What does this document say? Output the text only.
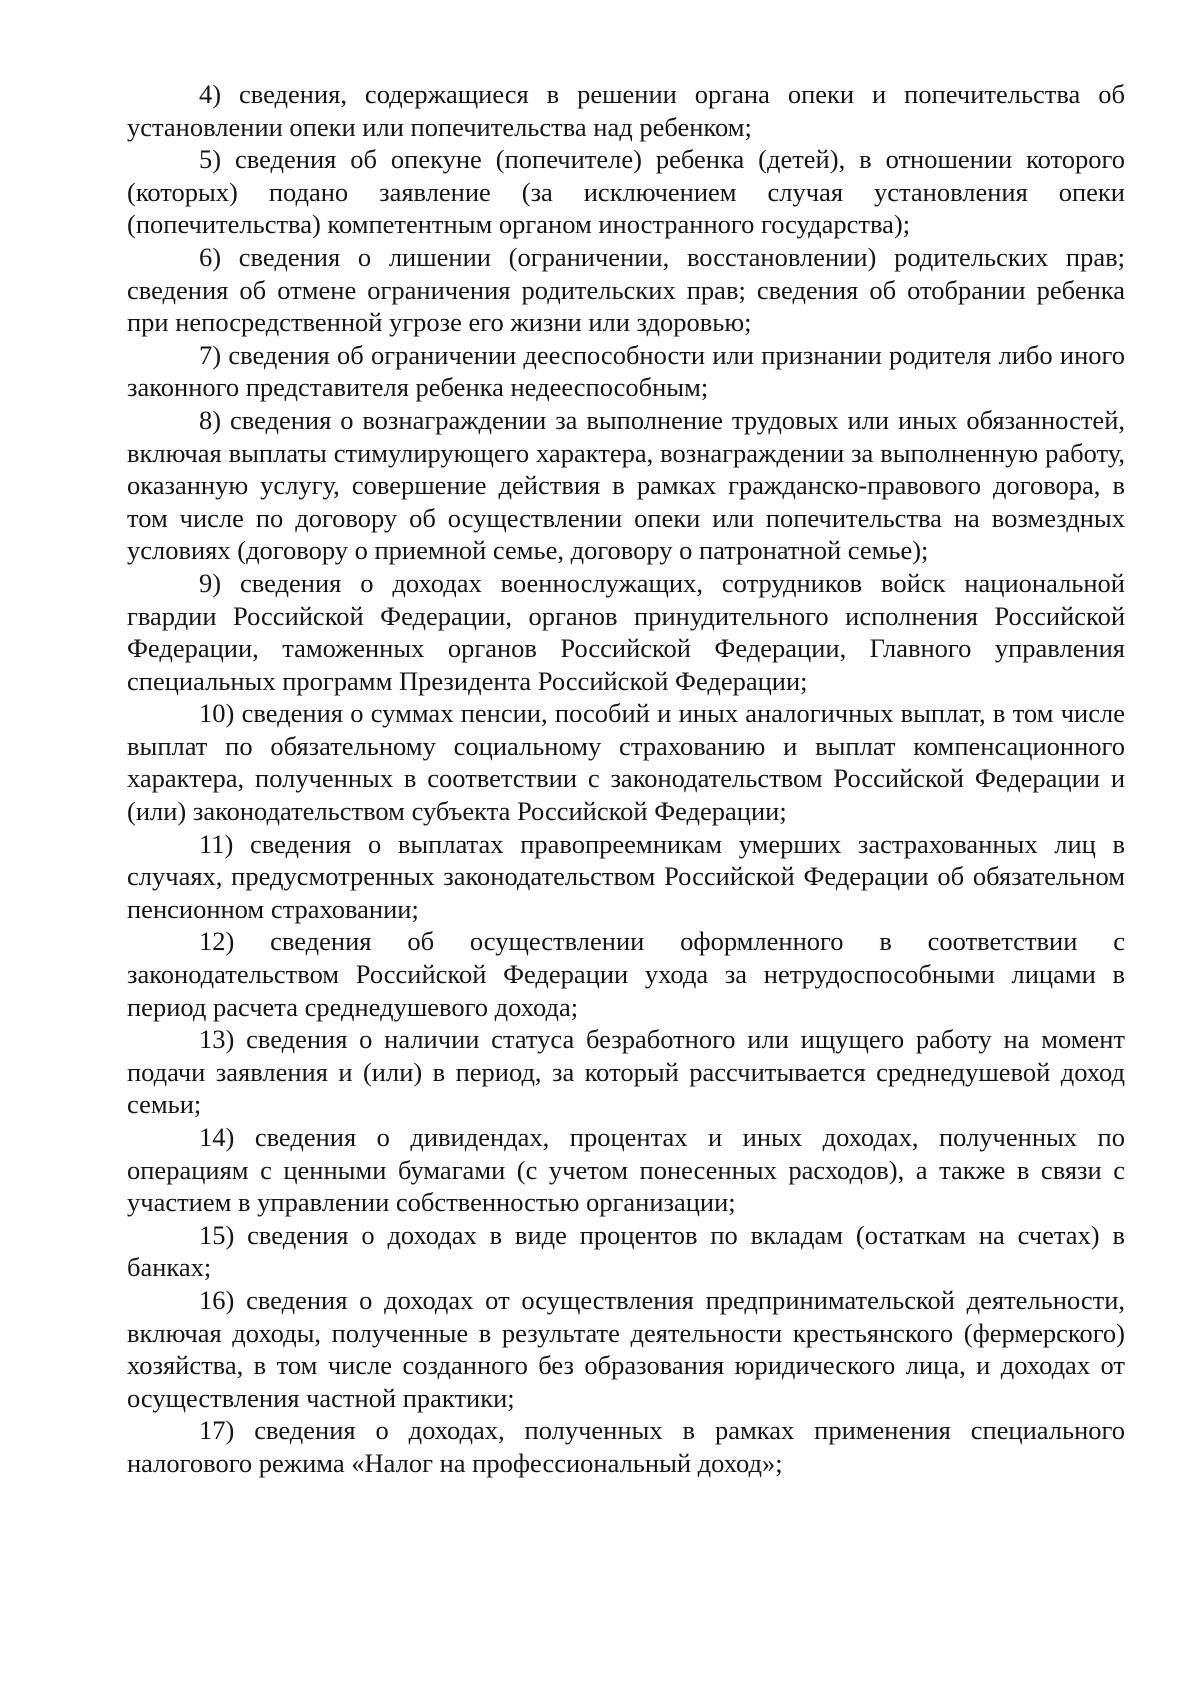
4) сведения, содержащиеся в решении органа опеки и попечительства об установлении опеки или попечительства над ребенком;

5) сведения об опекуне (попечителе) ребенка (детей), в отношении которого (которых) подано заявление (за исключением случая установления опеки (попечительства) компетентным органом иностранного государства);

6) сведения о лишении (ограничении, восстановлении) родительских прав; сведения об отмене ограничения родительских прав; сведения об отобрании ребенка при непосредственной угрозе его жизни или здоровью;

7) сведения об ограничении дееспособности или признании родителя либо иного законного представителя ребенка недееспособным;

8) сведения о вознаграждении за выполнение трудовых или иных обязанностей, включая выплаты стимулирующего характера, вознаграждении за выполненную работу, оказанную услугу, совершение действия в рамках гражданско-правового договора, в том числе по договору об осуществлении опеки или попечительства на возмездных условиях (договору о приемной семье, договору о патронатной семье);

9) сведения о доходах военнослужащих, сотрудников войск национальной гвардии Российской Федерации, органов принудительного исполнения Российской Федерации, таможенных органов Российской Федерации, Главного управления специальных программ Президента Российской Федерации;

10) сведения о суммах пенсии, пособий и иных аналогичных выплат, в том числе выплат по обязательному социальному страхованию и выплат компенсационного характера, полученных в соответствии с законодательством Российской Федерации и (или) законодательством субъекта Российской Федерации;

11) сведения о выплатах правопреемникам умерших застрахованных лиц в случаях, предусмотренных законодательством Российской Федерации об обязательном пенсионном страховании;

12) сведения об осуществлении оформленного в соответствии с законодательством Российской Федерации ухода за нетрудоспособными лицами в период расчета среднедушевого дохода;

13) сведения о наличии статуса безработного или ищущего работу на момент подачи заявления и (или) в период, за который рассчитывается среднедушевой доход семьи;

14) сведения о дивидендах, процентах и иных доходах, полученных по операциям с ценными бумагами (с учетом понесенных расходов), а также в связи с участием в управлении собственностью организации;

15) сведения о доходах в виде процентов по вкладам (остаткам на счетах) в банках;

16) сведения о доходах от осуществления предпринимательской деятельности, включая доходы, полученные в результате деятельности крестьянского (фермерского) хозяйства, в том числе созданного без образования юридического лица, и доходах от осуществления частной практики;

17) сведения о доходах, полученных в рамках применения специального налогового режима «Налог на профессиональный доход»;
